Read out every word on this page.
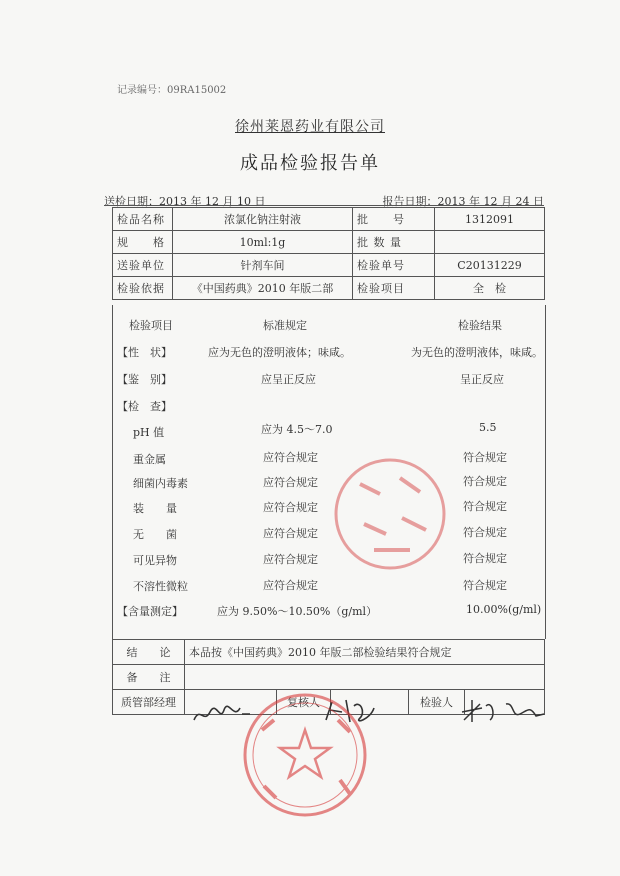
记录编号：09RA15002
徐州莱恩药业有限公司
成品检验报告单
送检日期：2013 年 12 月 10 日	报告日期：2013 年 12 月 24 日
检品名称	浓氯化钠注射液	批　　号	1312091
规　　格	10ml:1g	批 数 量	
送验单位	针剂车间	检验单号	C20131229
检验依据	《中国药典》2010 年版二部	检验项目	全　检
检验项目	标准规定	检验结果
【性　状】	应为无色的澄明液体；味咸。	为无色的澄明液体，味咸。
【鉴　别】	应呈正反应	呈正反应
【检　查】
pH 值	应为 4.5～7.0	5.5
重金属	应符合规定	符合规定
细菌内毒素	应符合规定	符合规定
装　　量	应符合规定	符合规定
无　　菌	应符合规定	符合规定
可见异物	应符合规定	符合规定
不溶性微粒	应符合规定	符合规定
【含量测定】	应为 9.50%～10.50%（g/ml）	10.00%(g/ml)
结　　论	本品按《中国药典》2010 年版二部检验结果符合规定
备　　注	
质管部经理		复核人		检验人	
